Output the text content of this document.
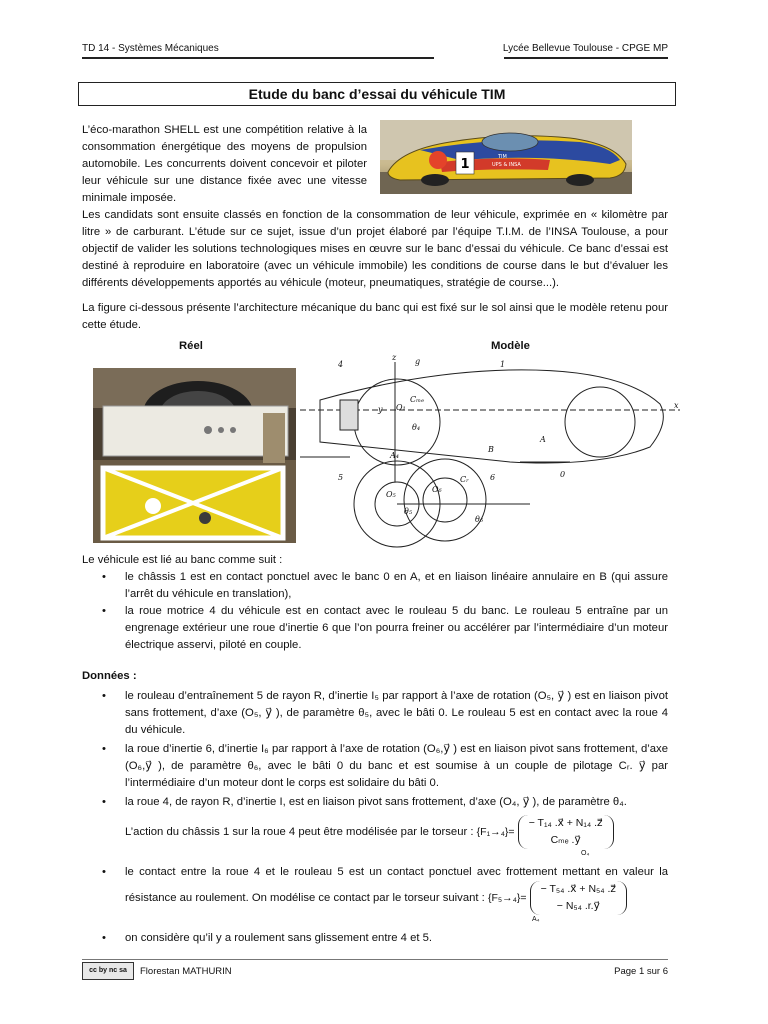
TD 14 - Systèmes Mécaniques	Lycée Bellevue Toulouse - CPGE MP
Etude du banc d’essai du véhicule TIM
L’éco-marathon SHELL est une compétition relative à la consommation énergétique des moyens de propulsion automobile. Les concurrents doivent concevoir et piloter leur véhicule sur une distance fixée avec une vitesse minimale imposée.
1	TIM
UPS & INSA
Les candidats sont ensuite classés en fonction de la consommation de leur véhicule, exprimée en « kilomètre par litre » de carburant. L’étude sur ce sujet, issue d’un projet élaboré par l’équipe T.I.M. de l’INSA Toulouse, a pour objectif de valider les solutions technologiques mises en œuvre sur le banc d’essai du véhicule. Ce banc d’essai est destiné à reproduire en laboratoire (avec un véhicule immobile) les conditions de course dans le but d’évaluer les différents développements apportés au véhicule (moteur, pneumatiques, stratégie de course...).
La figure ci-dessous présente l’architecture mécanique du banc qui est fixé sur le sol ainsi que le modèle retenu pour cette étude.
Réel	Modèle
4	1
z g
y O₁
Cₘₑ
θ₄
x
A
B
0
A₄
5	6
O₅
O₆
Cᵣ
θ₅
θ₆
Le véhicule est lié au banc comme suit :
• le châssis 1 est en contact ponctuel avec le banc 0 en A, et en liaison linéaire annulaire en B (qui assure l’arrêt du véhicule en translation),
• la roue motrice 4 du véhicule est en contact avec le rouleau 5 du banc. Le rouleau 5 entraîne par un engrenage extérieur une roue d’inertie 6 que l’on pourra freiner ou accélérer par l’intermédiaire d’un moteur électrique asservi, piloté en couple.
Données :
• le rouleau d’entraînement 5 de rayon R, d’inertie I₅ par rapport à l’axe de rotation (O₅, y⃗ ) est en liaison pivot sans frottement, d’axe (O₅, y⃗ ), de paramètre θ₅, avec le bâti 0. Le rouleau 5 est en contact avec la roue 4 du véhicule.
• la roue d’inertie 6, d’inertie I₆ par rapport à l’axe de rotation (O₆,y⃗ ) est en liaison pivot sans frottement, d’axe (O₆,y⃗ ), de paramètre θ₆, avec le bâti 0 du banc et est soumise à un couple de pilotage Cᵣ. y⃗ par l’intermédiaire d’un moteur dont le corps est solidaire du bâti 0.
• la roue 4, de rayon R, d’inertie I, est en liaison pivot sans frottement, d’axe (O₄, y⃗ ), de paramètre θ₄.
L’action du châssis 1 sur la roue 4 peut être modélisée par le torseur : {F₁→₄}=
− T₁₄ .x⃗ + N₁₄ .z⃗
Cₘₑ .y⃗
O₄
• le contact entre la roue 4 et le rouleau 5 est un contact ponctuel avec frottement mettant en valeur la résistance au roulement. On modélise ce contact par le torseur suivant : {F₅→₄}=
− T₅₄ .x⃗ + N₅₄ .z⃗
− N₅₄ .r.y⃗
A₄
• on considère qu’il y a roulement sans glissement entre 4 et 5.
cc by nc sa	Florestan MATHURIN	Page 1 sur 6
